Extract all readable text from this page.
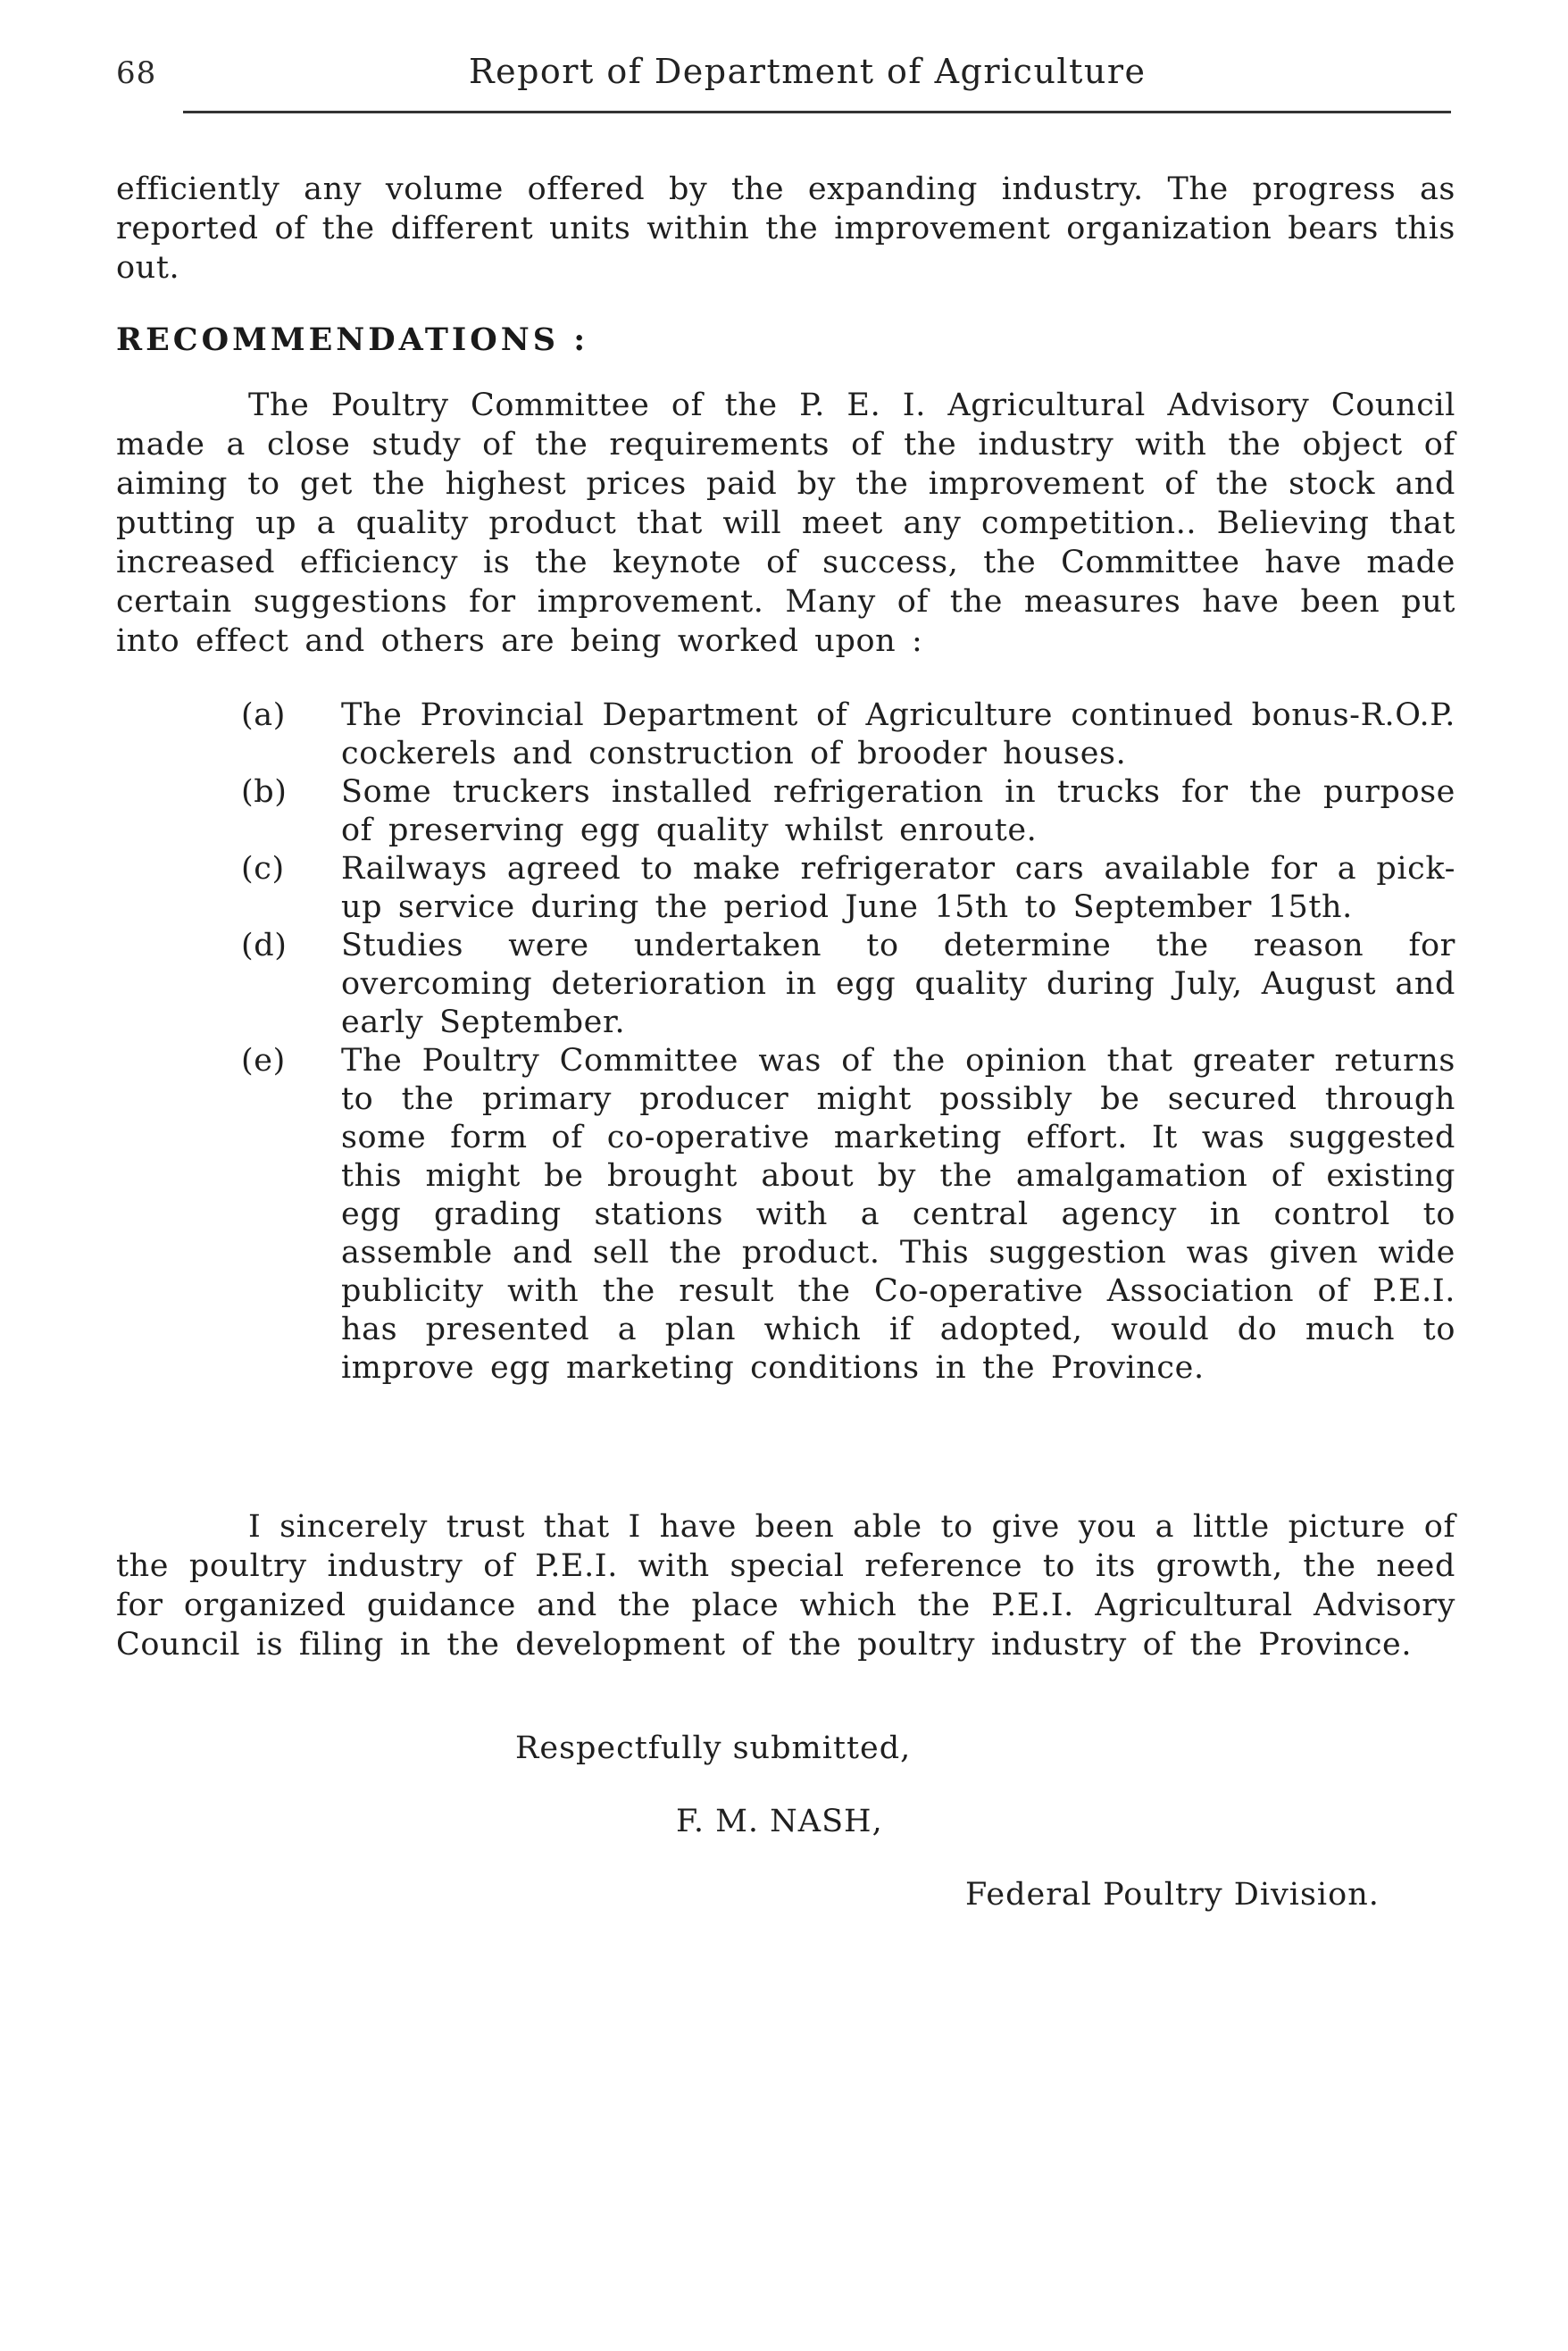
68	Report of Department of Agriculture

efficiently any volume offered by the expanding industry. The progress as reported of the different units within the improvement organization bears this out.

RECOMMENDATIONS :

The Poultry Committee of the P. E. I. Agricultural Advisory Council made a close study of the requirements of the industry with the object of aiming to get the highest prices paid by the improvement of the stock and putting up a quality product that will meet any competition.. Believing that increased efficiency is the keynote of success, the Committee have made certain suggestions for improvement. Many of the measures have been put into effect and others are being worked upon :

(a) The Provincial Department of Agriculture continued bonus-R.O.P. cockerels and construction of brooder houses.
(b) Some truckers installed refrigeration in trucks for the purpose of preserving egg quality whilst enroute.
(c) Railways agreed to make refrigerator cars available for a pick-up service during the period June 15th to September 15th.
(d) Studies were undertaken to determine the reason for overcoming deterioration in egg quality during July, August and early September.
(e) The Poultry Committee was of the opinion that greater returns to the primary producer might possibly be secured through some form of co-operative marketing effort. It was suggested this might be brought about by the amalgamation of existing egg grading stations with a central agency in control to assemble and sell the product. This suggestion was given wide publicity with the result the Co-operative Association of P.E.I. has presented a plan which if adopted, would do much to improve egg marketing conditions in the Province.

I sincerely trust that I have been able to give you a little picture of the poultry industry of P.E.I. with special reference to its growth, the need for organized guidance and the place which the P.E.I. Agricultural Advisory Council is filing in the development of the poultry industry of the Province.

Respectfully submitted,
F. M. NASH,
Federal Poultry Division.
